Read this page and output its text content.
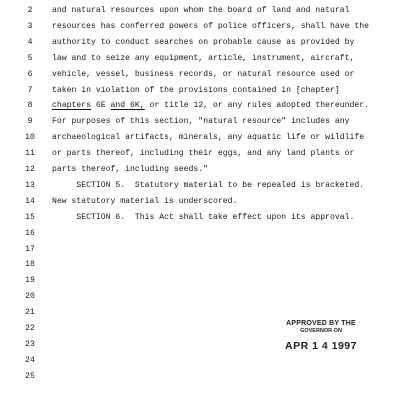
2	and natural resources upon whom the board of land and natural
3	resources has conferred powers of police officers, shall have the
4	authority to conduct searches on probable cause as provided by
5	law and to seize any equipment, article, instrument, aircraft,
6	vehicle, vessel, business records, or natural resource used or
7	taken in violation of the provisions contained in [chapter]
8	chapters 6E and 6K, or title 12, or any rules adopted thereunder.
9	For purposes of this section, "natural resource" includes any
10	archaeological artifacts, minerals, any aquatic life or wildlife
11	or parts thereof, including their eggs, and any land plants or
12	parts thereof, including seeds."
13	SECTION 5.  Statutory material to be repealed is bracketed.
14	New statutory material is underscored.
15	SECTION 6.  This Act shall take effect upon its approval.
16
17
18
19
20
21
22
23
24
25
APPROVED BY THE
GOVERNOR ON
APR 1 4 1997
